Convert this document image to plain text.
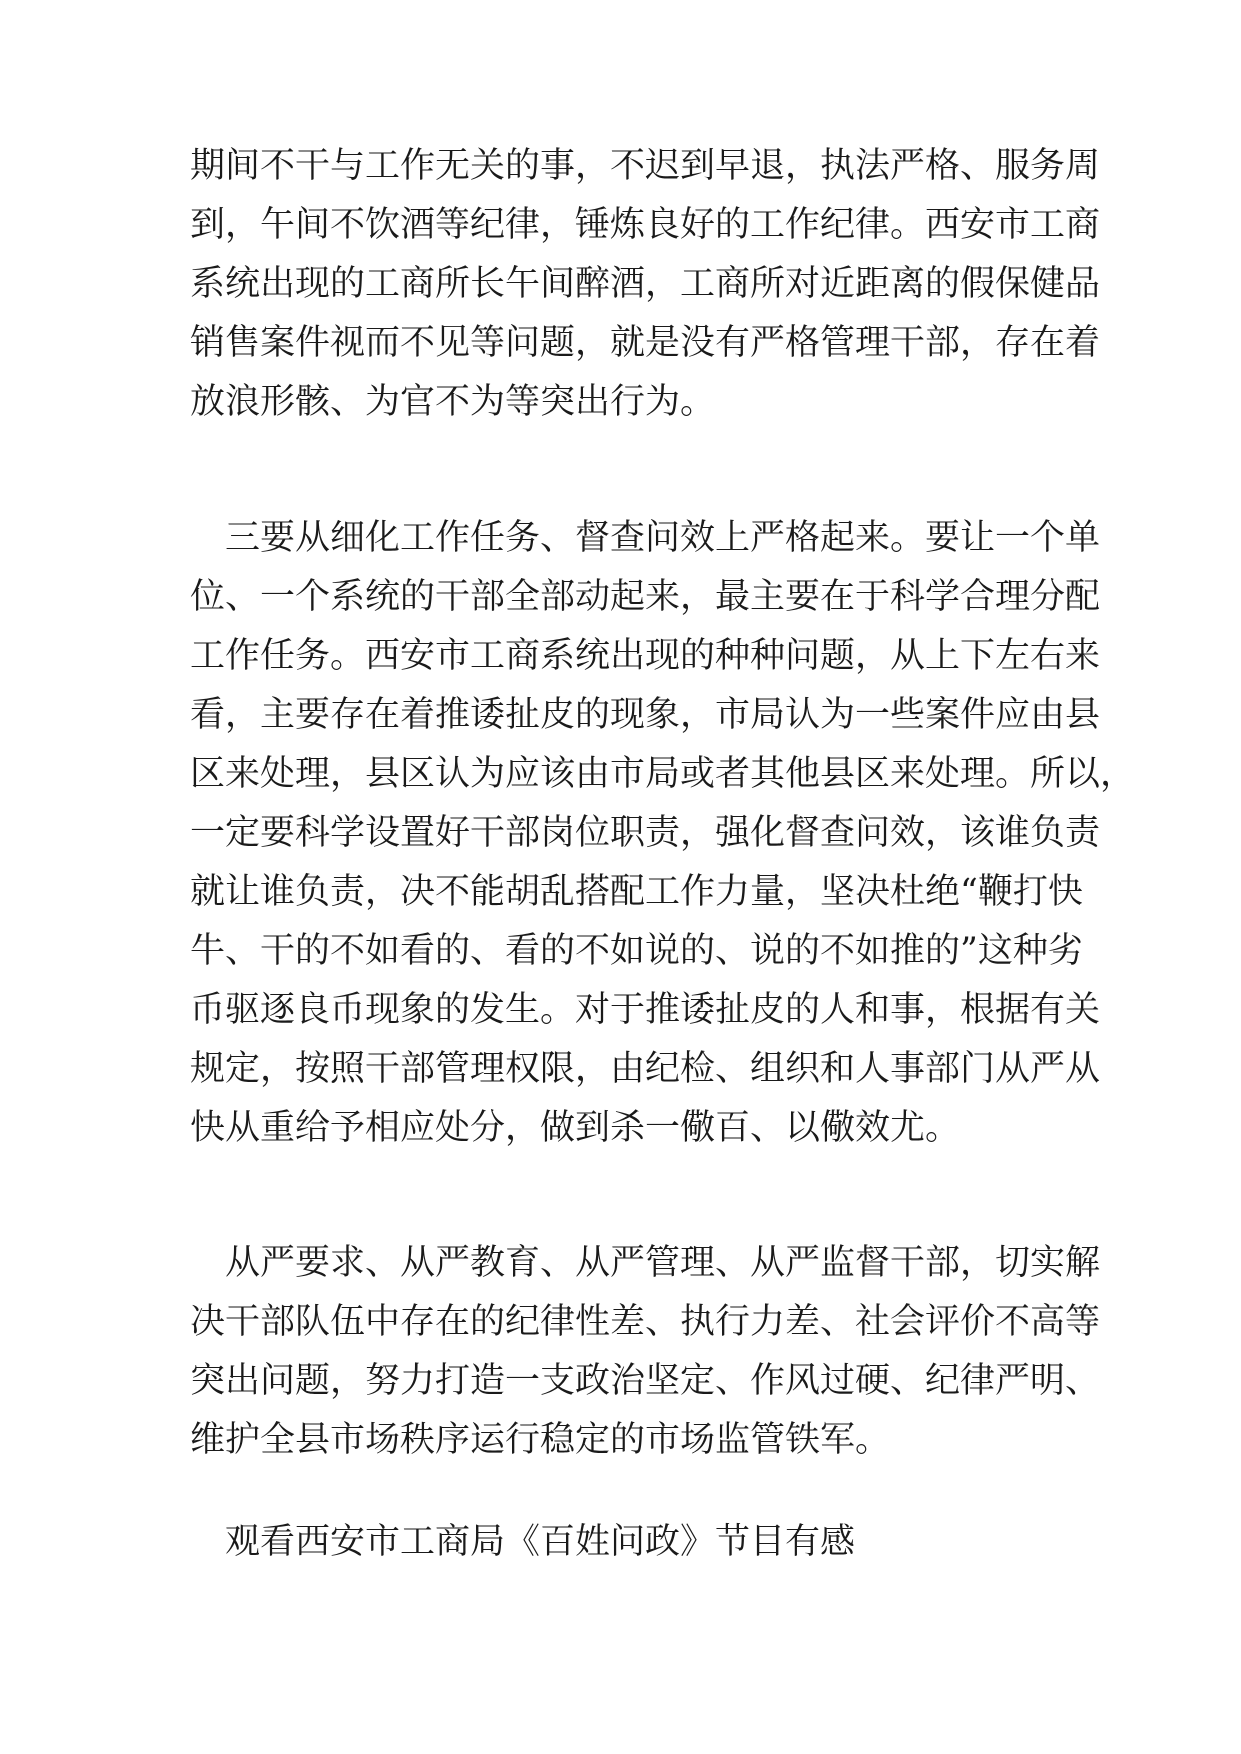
期间不干与工作无关的事，不迟到早退，执法严格、服务周
到，午间不饮酒等纪律，锤炼良好的工作纪律。西安市工商
系统出现的工商所长午间醉酒，工商所对近距离的假保健品
销售案件视而不见等问题，就是没有严格管理干部，存在着
放浪形骸、为官不为等突出行为。
三要从细化工作任务、督查问效上严格起来。要让一个单
位、一个系统的干部全部动起来，最主要在于科学合理分配
工作任务。西安市工商系统出现的种种问题，从上下左右来
看，主要存在着推诿扯皮的现象，市局认为一些案件应由县
区来处理，县区认为应该由市局或者其他县区来处理。所以，
一定要科学设置好干部岗位职责，强化督查问效，该谁负责
就让谁负责，决不能胡乱搭配工作力量，坚决杜绝“鞭打快
牛、干的不如看的、看的不如说的、说的不如推的”这种劣
币驱逐良币现象的发生。对于推诿扯皮的人和事，根据有关
规定，按照干部管理权限，由纪检、组织和人事部门从严从
快从重给予相应处分，做到杀一儆百、以儆效尤。
从严要求、从严教育、从严管理、从严监督干部，切实解
决干部队伍中存在的纪律性差、执行力差、社会评价不高等
突出问题，努力打造一支政治坚定、作风过硬、纪律严明、
维护全县市场秩序运行稳定的市场监管铁军。
观看西安市工商局《百姓问政》节目有感
